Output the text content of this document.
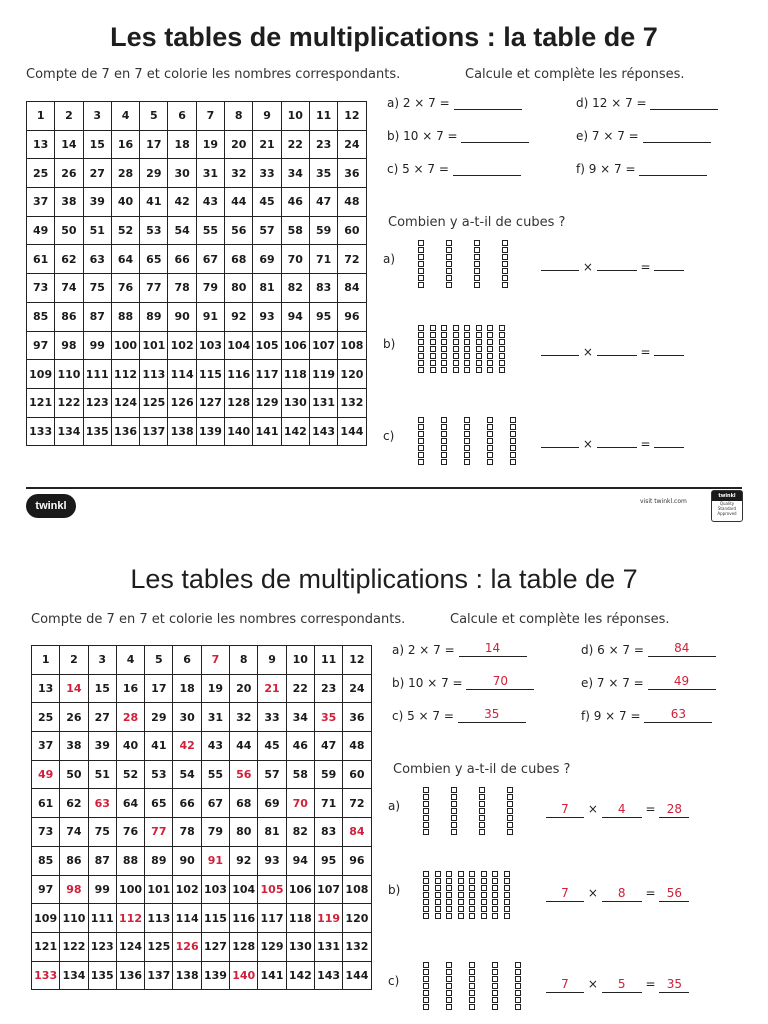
Les tables de multiplications : la table de 7
Compte de 7 en 7 et colorie les nombres correspondants.	Calcule et complète les réponses.
1	2	3	4	5	6	7	8	9	10	11	12
13	14	15	16	17	18	19	20	21	22	23	24
25	26	27	28	29	30	31	32	33	34	35	36
37	38	39	40	41	42	43	44	45	46	47	48
49	50	51	52	53	54	55	56	57	58	59	60
61	62	63	64	65	66	67	68	69	70	71	72
73	74	75	76	77	78	79	80	81	82	83	84
85	86	87	88	89	90	91	92	93	94	95	96
97	98	99	100	101	102	103	104	105	106	107	108
109	110	111	112	113	114	115	116	117	118	119	120
121	122	123	124	125	126	127	128	129	130	131	132
133	134	135	136	137	138	139	140	141	142	143	144
a) 2 × 7 =	d) 12 × 7 =
b) 10 × 7 =	e) 7 × 7 =
c) 5 × 7 =	f) 9 × 7 =
Combien y a-t-il de cubes ?
a)
×	=
b)
×	=
c)
×	=
twinkl	visit twinkl.com
twinkl
Quality Standard Approved
Les tables de multiplications : la table de 7
Compte de 7 en 7 et colorie les nombres correspondants.	Calcule et complète les réponses.
1	2	3	4	5	6	7	8	9	10	11	12
13	14	15	16	17	18	19	20	21	22	23	24
25	26	27	28	29	30	31	32	33	34	35	36
37	38	39	40	41	42	43	44	45	46	47	48
49	50	51	52	53	54	55	56	57	58	59	60
61	62	63	64	65	66	67	68	69	70	71	72
73	74	75	76	77	78	79	80	81	82	83	84
85	86	87	88	89	90	91	92	93	94	95	96
97	98	99	100	101	102	103	104	105	106	107	108
109	110	111	112	113	114	115	116	117	118	119	120
121	122	123	124	125	126	127	128	129	130	131	132
133	134	135	136	137	138	139	140	141	142	143	144
a) 2 × 7 = 14	d) 6 × 7 = 84
b) 10 × 7 = 70	e) 7 × 7 = 49
c) 5 × 7 = 35	f) 9 × 7 = 63
Combien y a-t-il de cubes ?
a)	7 × 4 = 28
b)	7 × 8 = 56
c)	7 × 5 = 35
